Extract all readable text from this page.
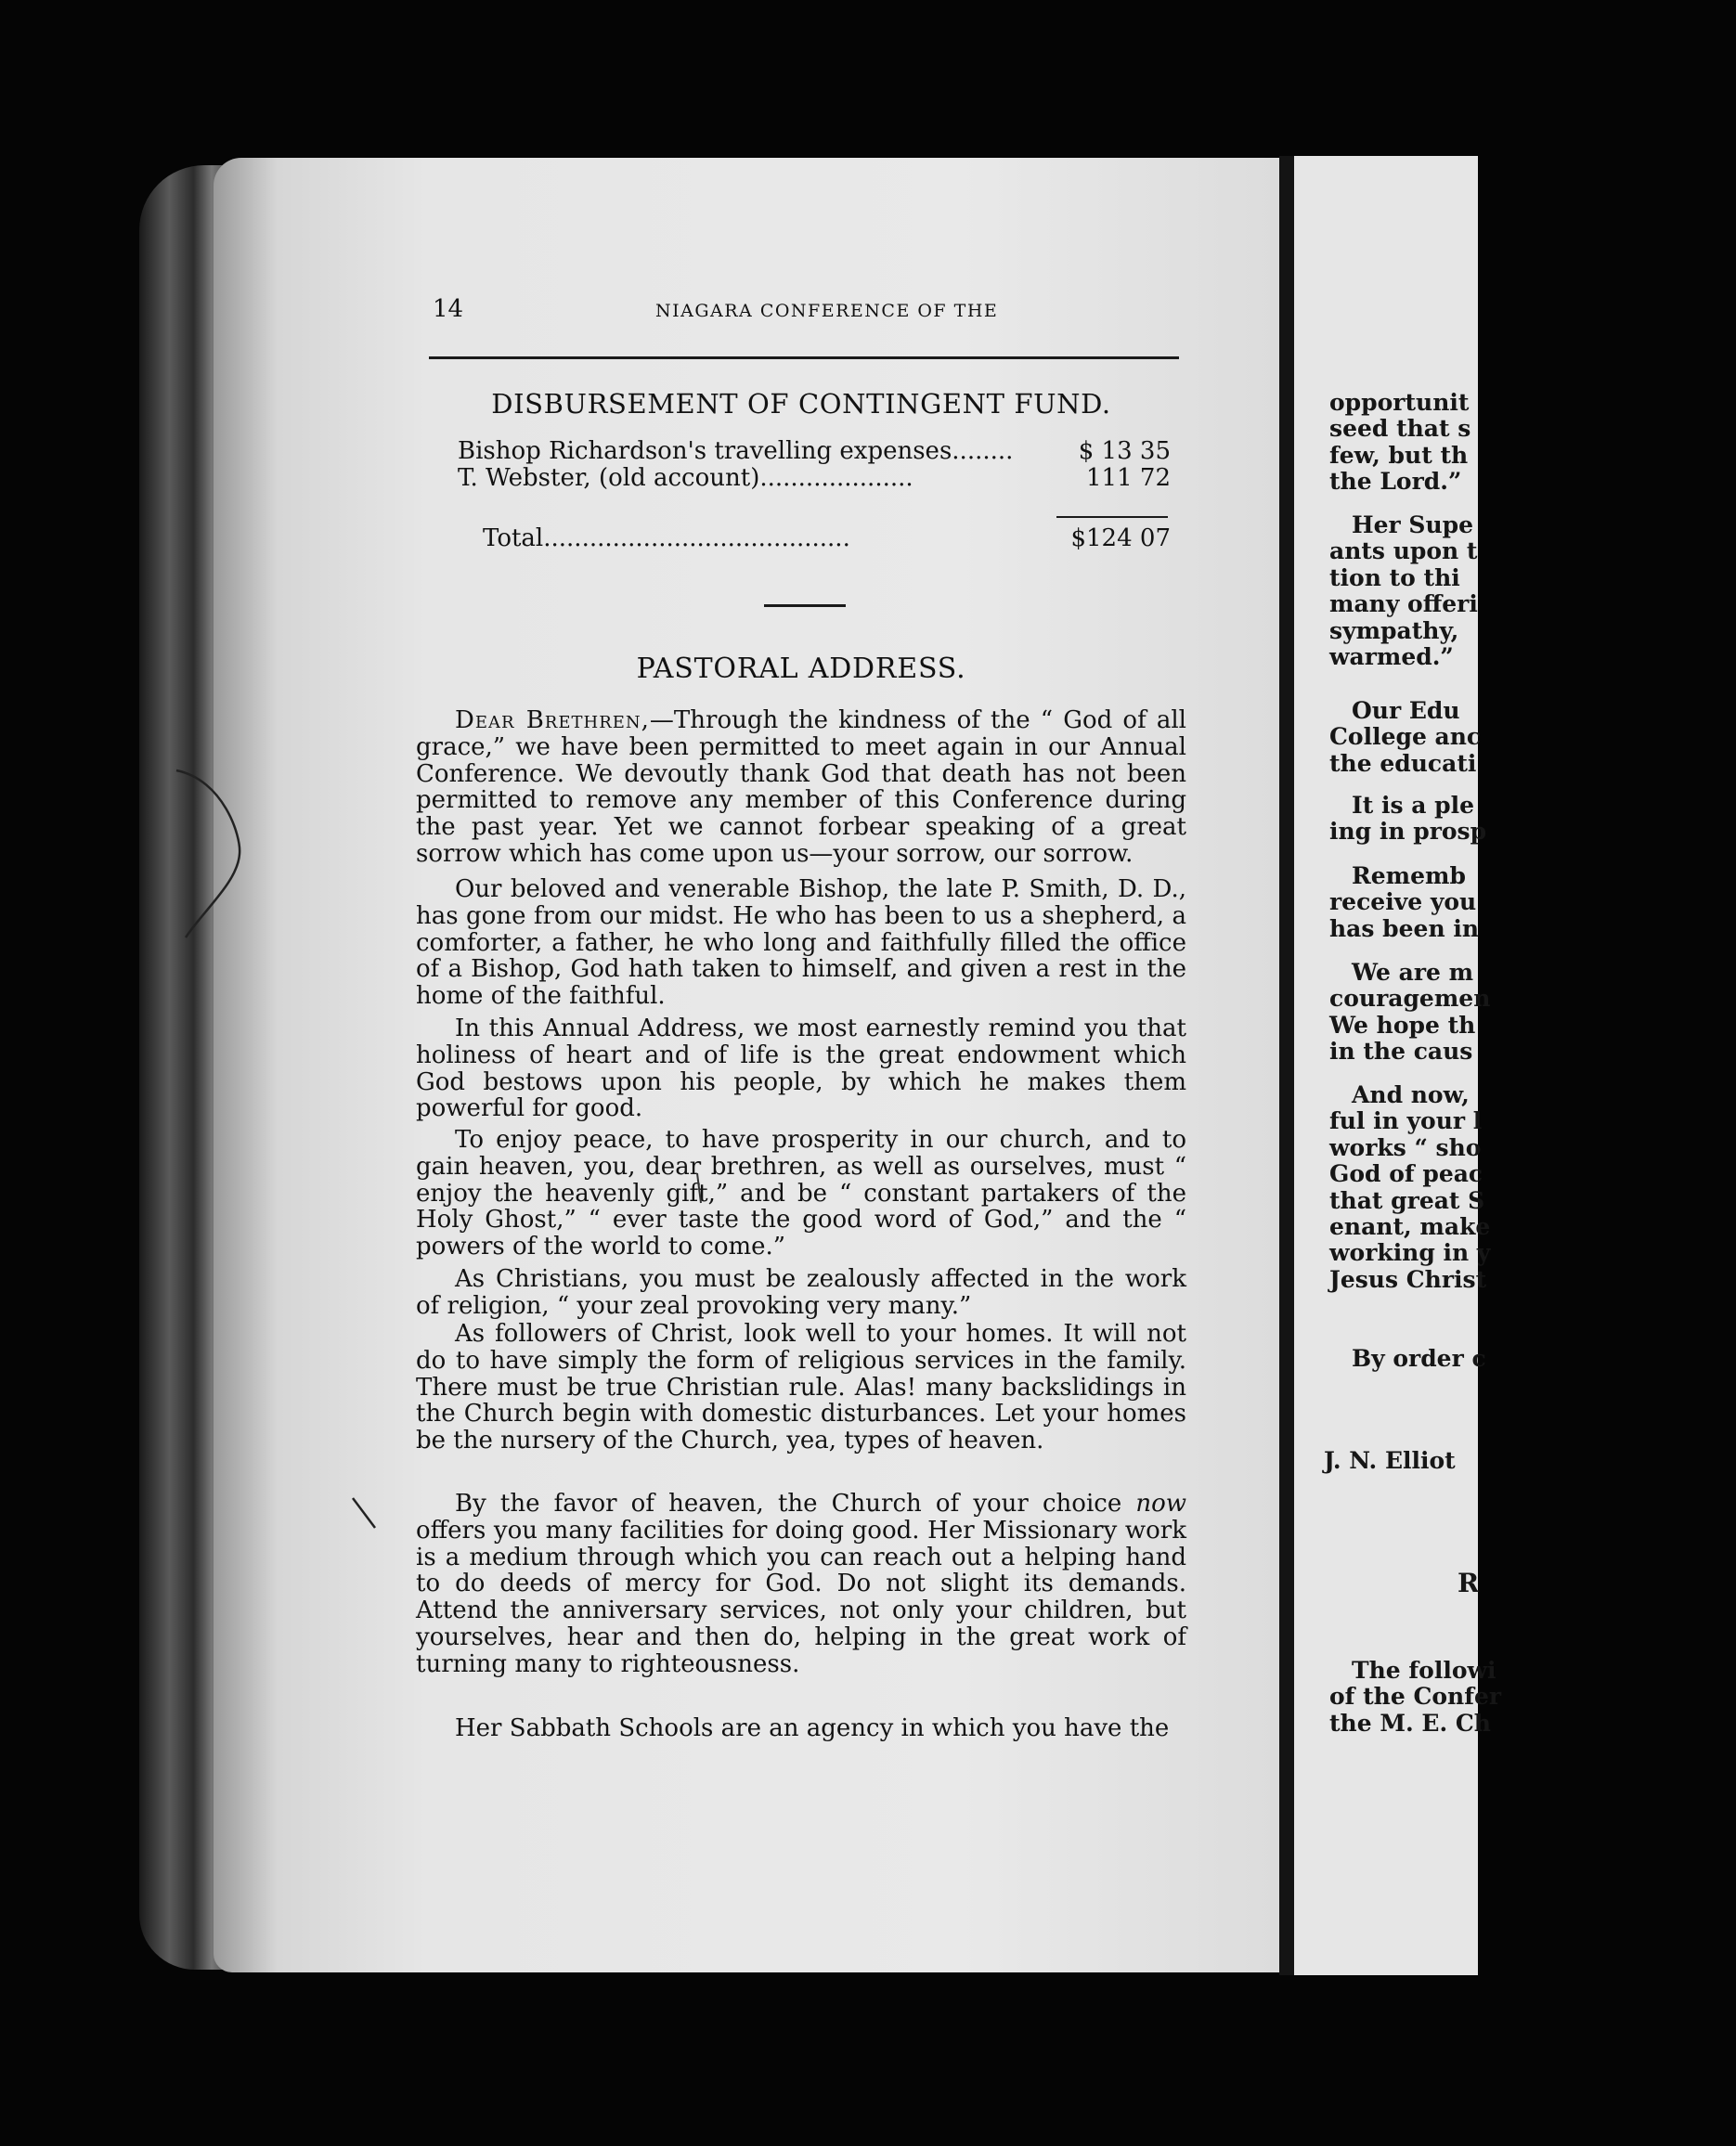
opportunit
seed that s
few, but th
the Lord.”
Her Supe
ants upon t
tion to thi
many offeri
sympathy,
warmed.”
Our Edu
College anc
the educati
It is a ple
ing in prosp
Rememb
receive you
has been in
We are m
couragemen
We hope th
in the caus
And now,
ful in your l
works “ sho
God of peac
that great S
enant, make
working in y
Jesus Christ
By order c
J. N. Elliot
R
The followi
of the Confer
the M. E. Ch
14	NIAGARA CONFERENCE OF THE
DISBURSEMENT OF CONTINGENT FUND.
Bishop Richardson's travelling expenses........	$ 13 35
T. Webster, (old account)....................	111 72
Total........................................	$124 07
PASTORAL ADDRESS.
Dear Brethren,—Through the kindness of the “ God of all grace,” we have been permitted to meet again in our Annual Conference. We devoutly thank God that death has not been permitted to remove any member of this Conference during the past year. Yet we cannot forbear speaking of a great sorrow which has come upon us—your sorrow, our sorrow.
Our beloved and venerable Bishop, the late P. Smith, D. D., has gone from our midst. He who has been to us a shepherd, a comforter, a father, he who long and faithfully filled the office of a Bishop, God hath taken to himself, and given a rest in the home of the faithful.
In this Annual Address, we most earnestly remind you that holiness of heart and of life is the great endowment which God bestows upon his people, by which he makes them powerful for good.
To enjoy peace, to have prosperity in our church, and to gain heaven, you, dear brethren, as well as ourselves, must “ enjoy the heavenly gift,” and be “ constant partakers of the Holy Ghost,” “ ever taste the good word of God,” and the “ powers of the world to come.”
As Christians, you must be zealously affected in the work of religion, “ your zeal provoking very many.”
As followers of Christ, look well to your homes. It will not do to have simply the form of religious services in the family. There must be true Christian rule. Alas! many backslidings in the Church begin with domestic disturbances. Let your homes be the nursery of the Church, yea, types of heaven.
By the favor of heaven, the Church of your choice now offers you many facilities for doing good. Her Missionary work is a medium through which you can reach out a helping hand to do deeds of mercy for God. Do not slight its demands. Attend the anniversary services, not only your children, but yourselves, hear and then do, helping in the great work of turning many to righteousness.
Her Sabbath Schools are an agency in which you have the
